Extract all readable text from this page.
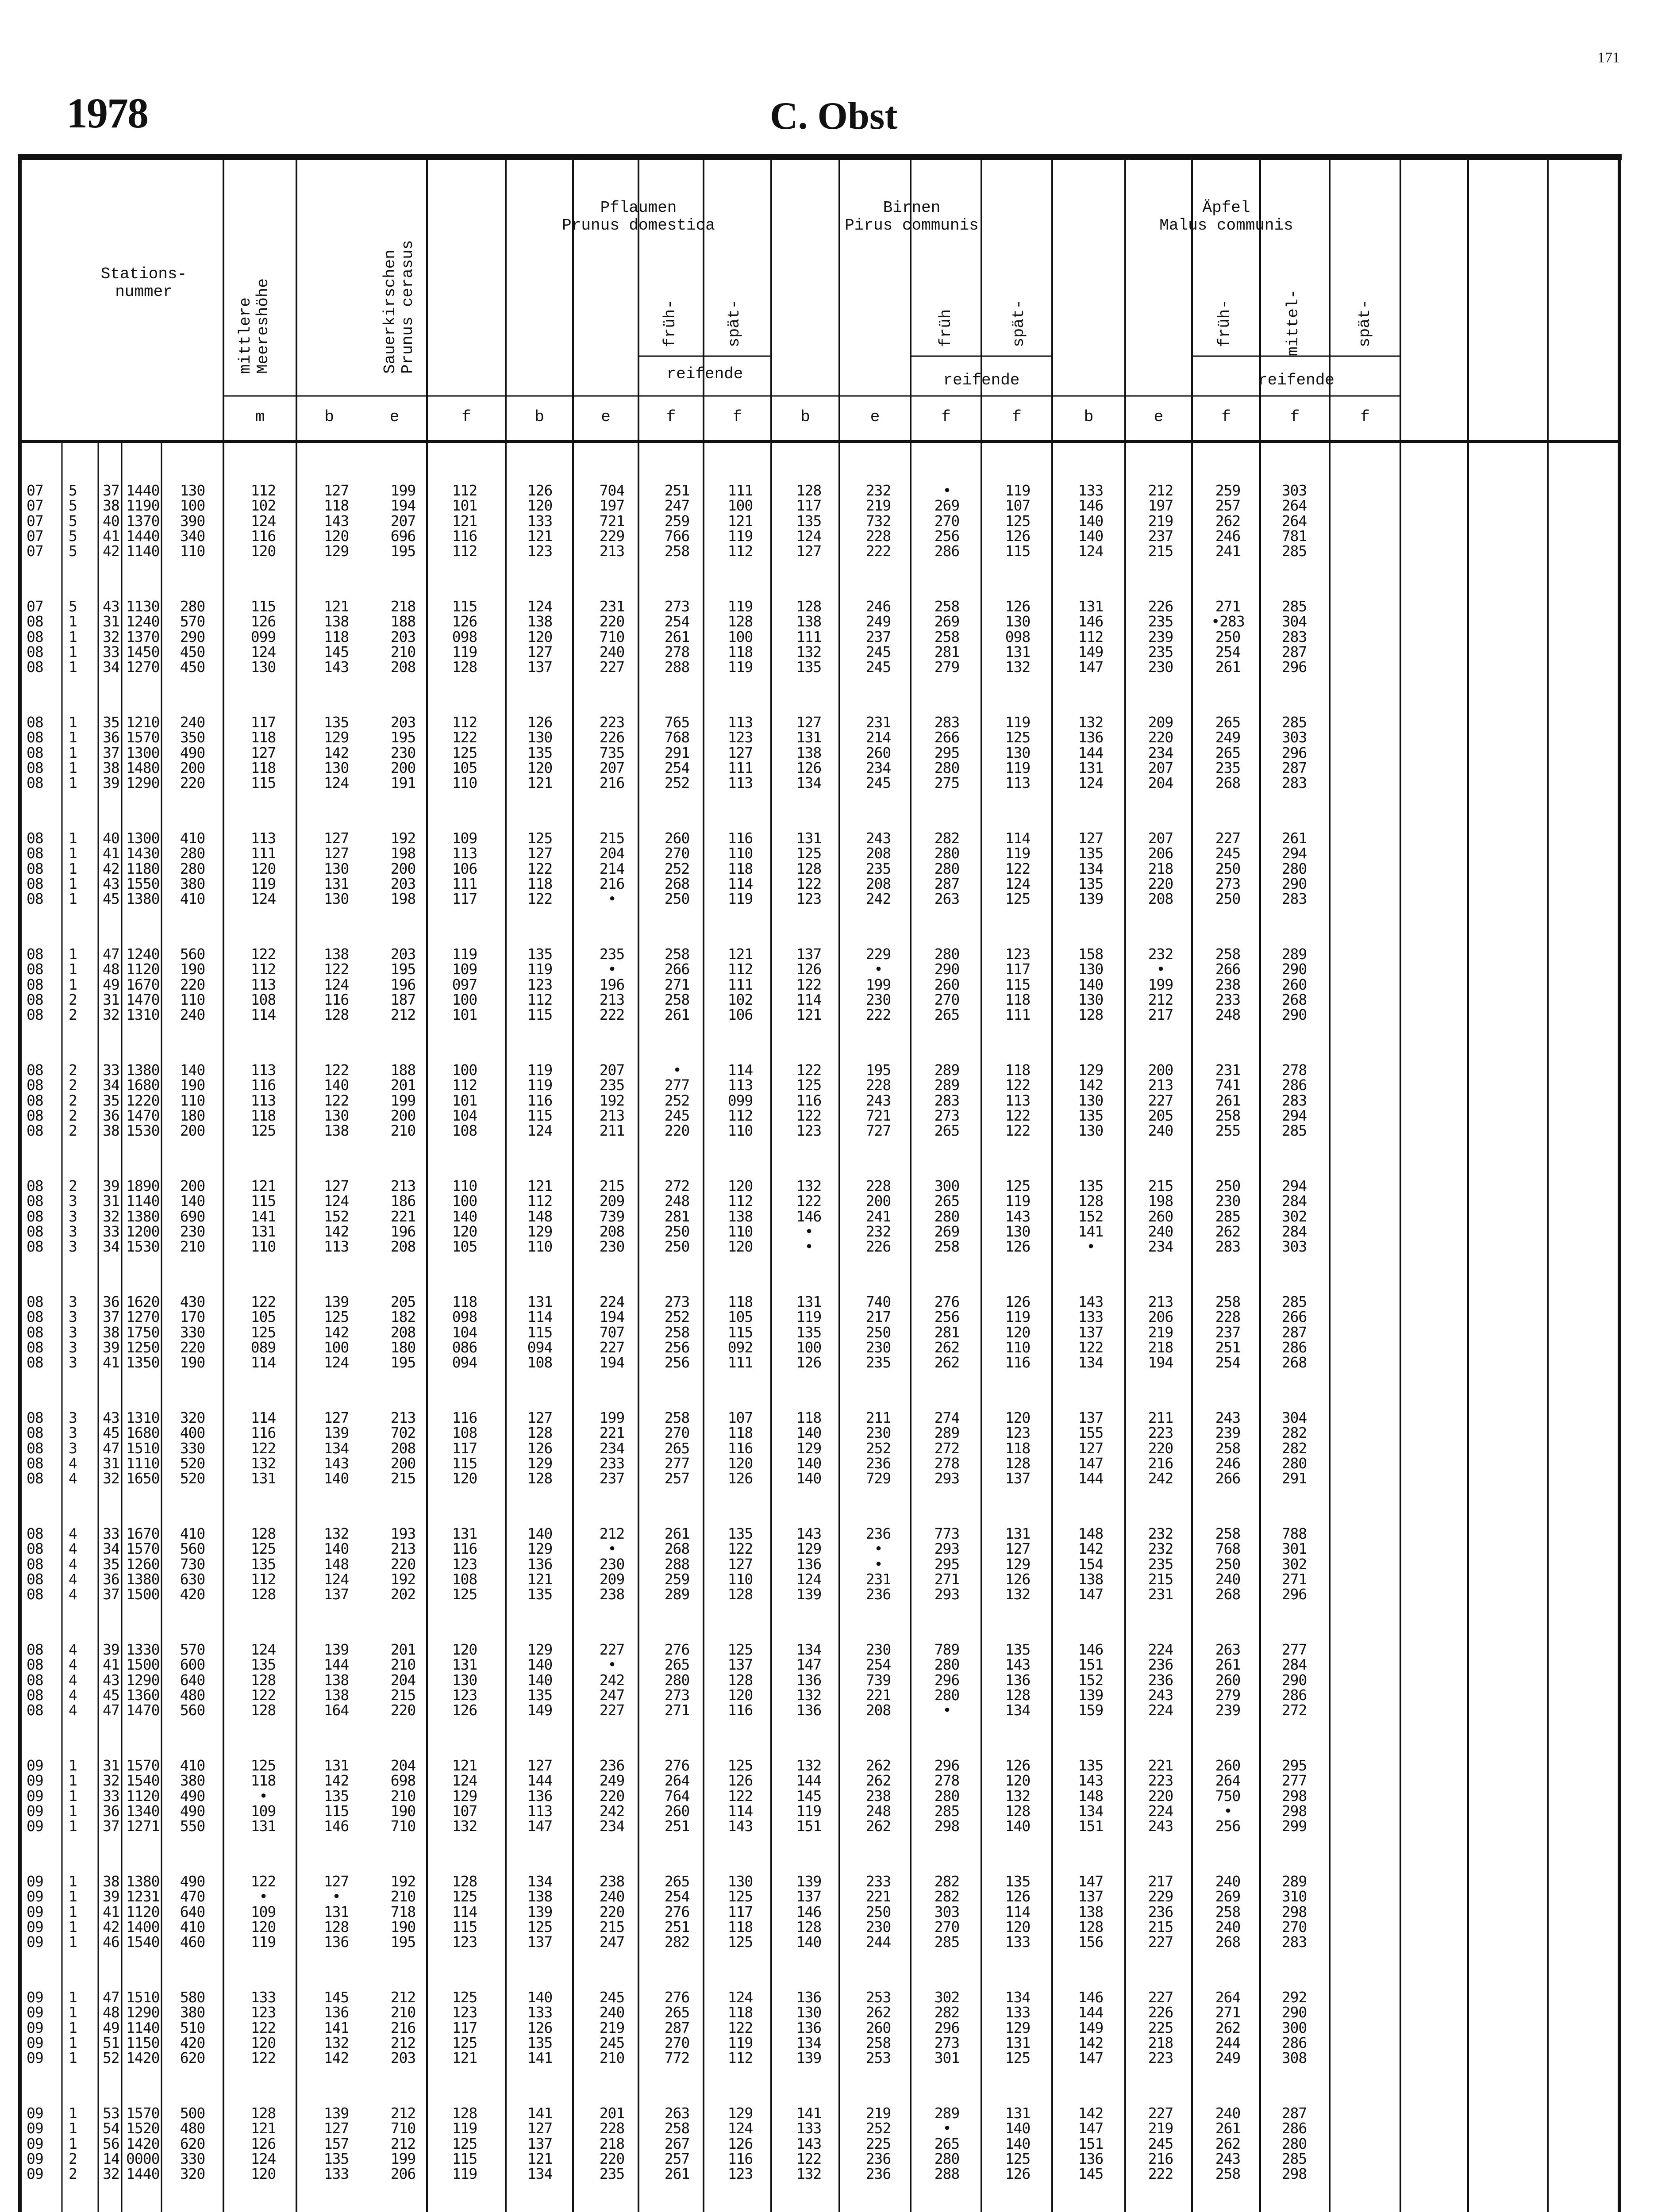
171
1978	C. Obst
Stations-
nummer
mittlere
Meereshöhe	Sauerkirschen
Prunus cerasus
Pflaumen
Prunus domestica
Birnen
Pirus communis
Äpfel
Malus communis
früh-	spät-	früh	spät-	früh-	mittel-	spät-
reifende	reifende	reifende
m	b	e	f	b	e	f	f	b	e	f	f	b	e	f	f	f
07	5	37 1440	130	112	127	199	112	126	704	251	111	128	232	•	119	133	212	259	303
07	5	38 1190	100	102	118	194	101	120	197	247	100	117	219	269	107	146	197	257	264
07	5	40 1370	390	124	143	207	121	133	721	259	121	135	732	270	125	140	219	262	264
07	5	41 1440	340	116	120	696	116	121	229	766	119	124	228	256	126	140	237	246	781
07	5	42 1140	110	120	129	195	112	123	213	258	112	127	222	286	115	124	215	241	285
07	5	43 1130	280	115	121	218	115	124	231	273	119	128	246	258	126	131	226	271	285
08	1	31 1240	570	126	138	188	126	138	220	254	128	138	249	269	130	146	235	•283	304
08	1	32 1370	290	099	118	203	098	120	710	261	100	111	237	258	098	112	239	250	283
08	1	33 1450	450	124	145	210	119	127	240	278	118	132	245	281	131	149	235	254	287
08	1	34 1270	450	130	143	208	128	137	227	288	119	135	245	279	132	147	230	261	296
08	1	35 1210	240	117	135	203	112	126	223	765	113	127	231	283	119	132	209	265	285
08	1	36 1570	350	118	129	195	122	130	226	768	123	131	214	266	125	136	220	249	303
08	1	37 1300	490	127	142	230	125	135	735	291	127	138	260	295	130	144	234	265	296
08	1	38 1480	200	118	130	200	105	120	207	254	111	126	234	280	119	131	207	235	287
08	1	39 1290	220	115	124	191	110	121	216	252	113	134	245	275	113	124	204	268	283
08	1	40 1300	410	113	127	192	109	125	215	260	116	131	243	282	114	127	207	227	261
08	1	41 1430	280	111	127	198	113	127	204	270	110	125	208	280	119	135	206	245	294
08	1	42 1180	280	120	130	200	106	122	214	252	118	128	235	280	122	134	218	250	280
08	1	43 1550	380	119	131	203	111	118	216	268	114	122	208	287	124	135	220	273	290
08	1	45 1380	410	124	130	198	117	122	•	250	119	123	242	263	125	139	208	250	283
08	1	47 1240	560	122	138	203	119	135	235	258	121	137	229	280	123	158	232	258	289
08	1	48 1120	190	112	122	195	109	119	•	266	112	126	•	290	117	130	•	266	290
08	1	49 1670	220	113	124	196	097	123	196	271	111	122	199	260	115	140	199	238	260
08	2	31 1470	110	108	116	187	100	112	213	258	102	114	230	270	118	130	212	233	268
08	2	32 1310	240	114	128	212	101	115	222	261	106	121	222	265	111	128	217	248	290
08	2	33 1380	140	113	122	188	100	119	207	•	114	122	195	289	118	129	200	231	278
08	2	34 1680	190	116	140	201	112	119	235	277	113	125	228	289	122	142	213	741	286
08	2	35 1220	110	113	122	199	101	116	192	252	099	116	243	283	113	130	227	261	283
08	2	36 1470	180	118	130	200	104	115	213	245	112	122	721	273	122	135	205	258	294
08	2	38 1530	200	125	138	210	108	124	211	220	110	123	727	265	122	130	240	255	285
08	2	39 1890	200	121	127	213	110	121	215	272	120	132	228	300	125	135	215	250	294
08	3	31 1140	140	115	124	186	100	112	209	248	112	122	200	265	119	128	198	230	284
08	3	32 1380	690	141	152	221	140	148	739	281	138	146	241	280	143	152	260	285	302
08	3	33 1200	230	131	142	196	120	129	208	250	110	•	232	269	130	141	240	262	284
08	3	34 1530	210	110	113	208	105	110	230	250	120	•	226	258	126	•	234	283	303
08	3	36 1620	430	122	139	205	118	131	224	273	118	131	740	276	126	143	213	258	285
08	3	37 1270	170	105	125	182	098	114	194	252	105	119	217	256	119	133	206	228	266
08	3	38 1750	330	125	142	208	104	115	707	258	115	135	250	281	120	137	219	237	287
08	3	39 1250	220	089	100	180	086	094	227	256	092	100	230	262	110	122	218	251	286
08	3	41 1350	190	114	124	195	094	108	194	256	111	126	235	262	116	134	194	254	268
08	3	43 1310	320	114	127	213	116	127	199	258	107	118	211	274	120	137	211	243	304
08	3	45 1680	400	116	139	702	108	128	221	270	118	140	230	289	123	155	223	239	282
08	3	47 1510	330	122	134	208	117	126	234	265	116	129	252	272	118	127	220	258	282
08	4	31 1110	520	132	143	200	115	129	233	277	120	140	236	278	128	147	216	246	280
08	4	32 1650	520	131	140	215	120	128	237	257	126	140	729	293	137	144	242	266	291
08	4	33 1670	410	128	132	193	131	140	212	261	135	143	236	773	131	148	232	258	788
08	4	34 1570	560	125	140	213	116	129	•	268	122	129	•	293	127	142	232	768	301
08	4	35 1260	730	135	148	220	123	136	230	288	127	136	•	295	129	154	235	250	302
08	4	36 1380	630	112	124	192	108	121	209	259	110	124	231	271	126	138	215	240	271
08	4	37 1500	420	128	137	202	125	135	238	289	128	139	236	293	132	147	231	268	296
08	4	39 1330	570	124	139	201	120	129	227	276	125	134	230	789	135	146	224	263	277
08	4	41 1500	600	135	144	210	131	140	•	265	137	147	254	280	143	151	236	261	284
08	4	43 1290	640	128	138	204	130	140	242	280	128	136	739	296	136	152	236	260	290
08	4	45 1360	480	122	138	215	123	135	247	273	120	132	221	280	128	139	243	279	286
08	4	47 1470	560	128	164	220	126	149	227	271	116	136	208	•	134	159	224	239	272
09	1	31 1570	410	125	131	204	121	127	236	276	125	132	262	296	126	135	221	260	295
09	1	32 1540	380	118	142	698	124	144	249	264	126	144	262	278	120	143	223	264	277
09	1	33 1120	490	•	135	210	129	136	220	764	122	145	238	280	132	148	220	750	298
09	1	36 1340	490	109	115	190	107	113	242	260	114	119	248	285	128	134	224	•	298
09	1	37 1271	550	131	146	710	132	147	234	251	143	151	262	298	140	151	243	256	299
09	1	38 1380	490	122	127	192	128	134	238	265	130	139	233	282	135	147	217	240	289
09	1	39 1231	470	•	•	210	125	138	240	254	125	137	221	282	126	137	229	269	310
09	1	41 1120	640	109	131	718	114	139	220	276	117	146	250	303	114	138	236	258	298
09	1	42 1400	410	120	128	190	115	125	215	251	118	128	230	270	120	128	215	240	270
09	1	46 1540	460	119	136	195	123	137	247	282	125	140	244	285	133	156	227	268	283
09	1	47 1510	580	133	145	212	125	140	245	276	124	136	253	302	134	146	227	264	292
09	1	48 1290	380	123	136	210	123	133	240	265	118	130	262	282	133	144	226	271	290
09	1	49 1140	510	122	141	216	117	126	219	287	122	136	260	296	129	149	225	262	300
09	1	51 1150	420	120	132	212	125	135	245	270	119	134	258	273	131	142	218	244	286
09	1	52 1420	620	122	142	203	121	141	210	772	112	139	253	301	125	147	223	249	308
09	1	53 1570	500	128	139	212	128	141	201	263	129	141	219	289	131	142	227	240	287
09	1	54 1520	480	121	127	710	119	127	228	258	124	133	252	•	140	147	219	261	286
09	1	56 1420	620	126	157	212	125	137	218	267	126	143	225	265	140	151	245	262	280
09	2	14 0000	330	124	135	199	115	121	220	257	116	122	236	280	125	136	216	243	285
09	2	32 1440	320	120	133	206	119	134	235	261	123	132	236	288	126	145	222	258	298
